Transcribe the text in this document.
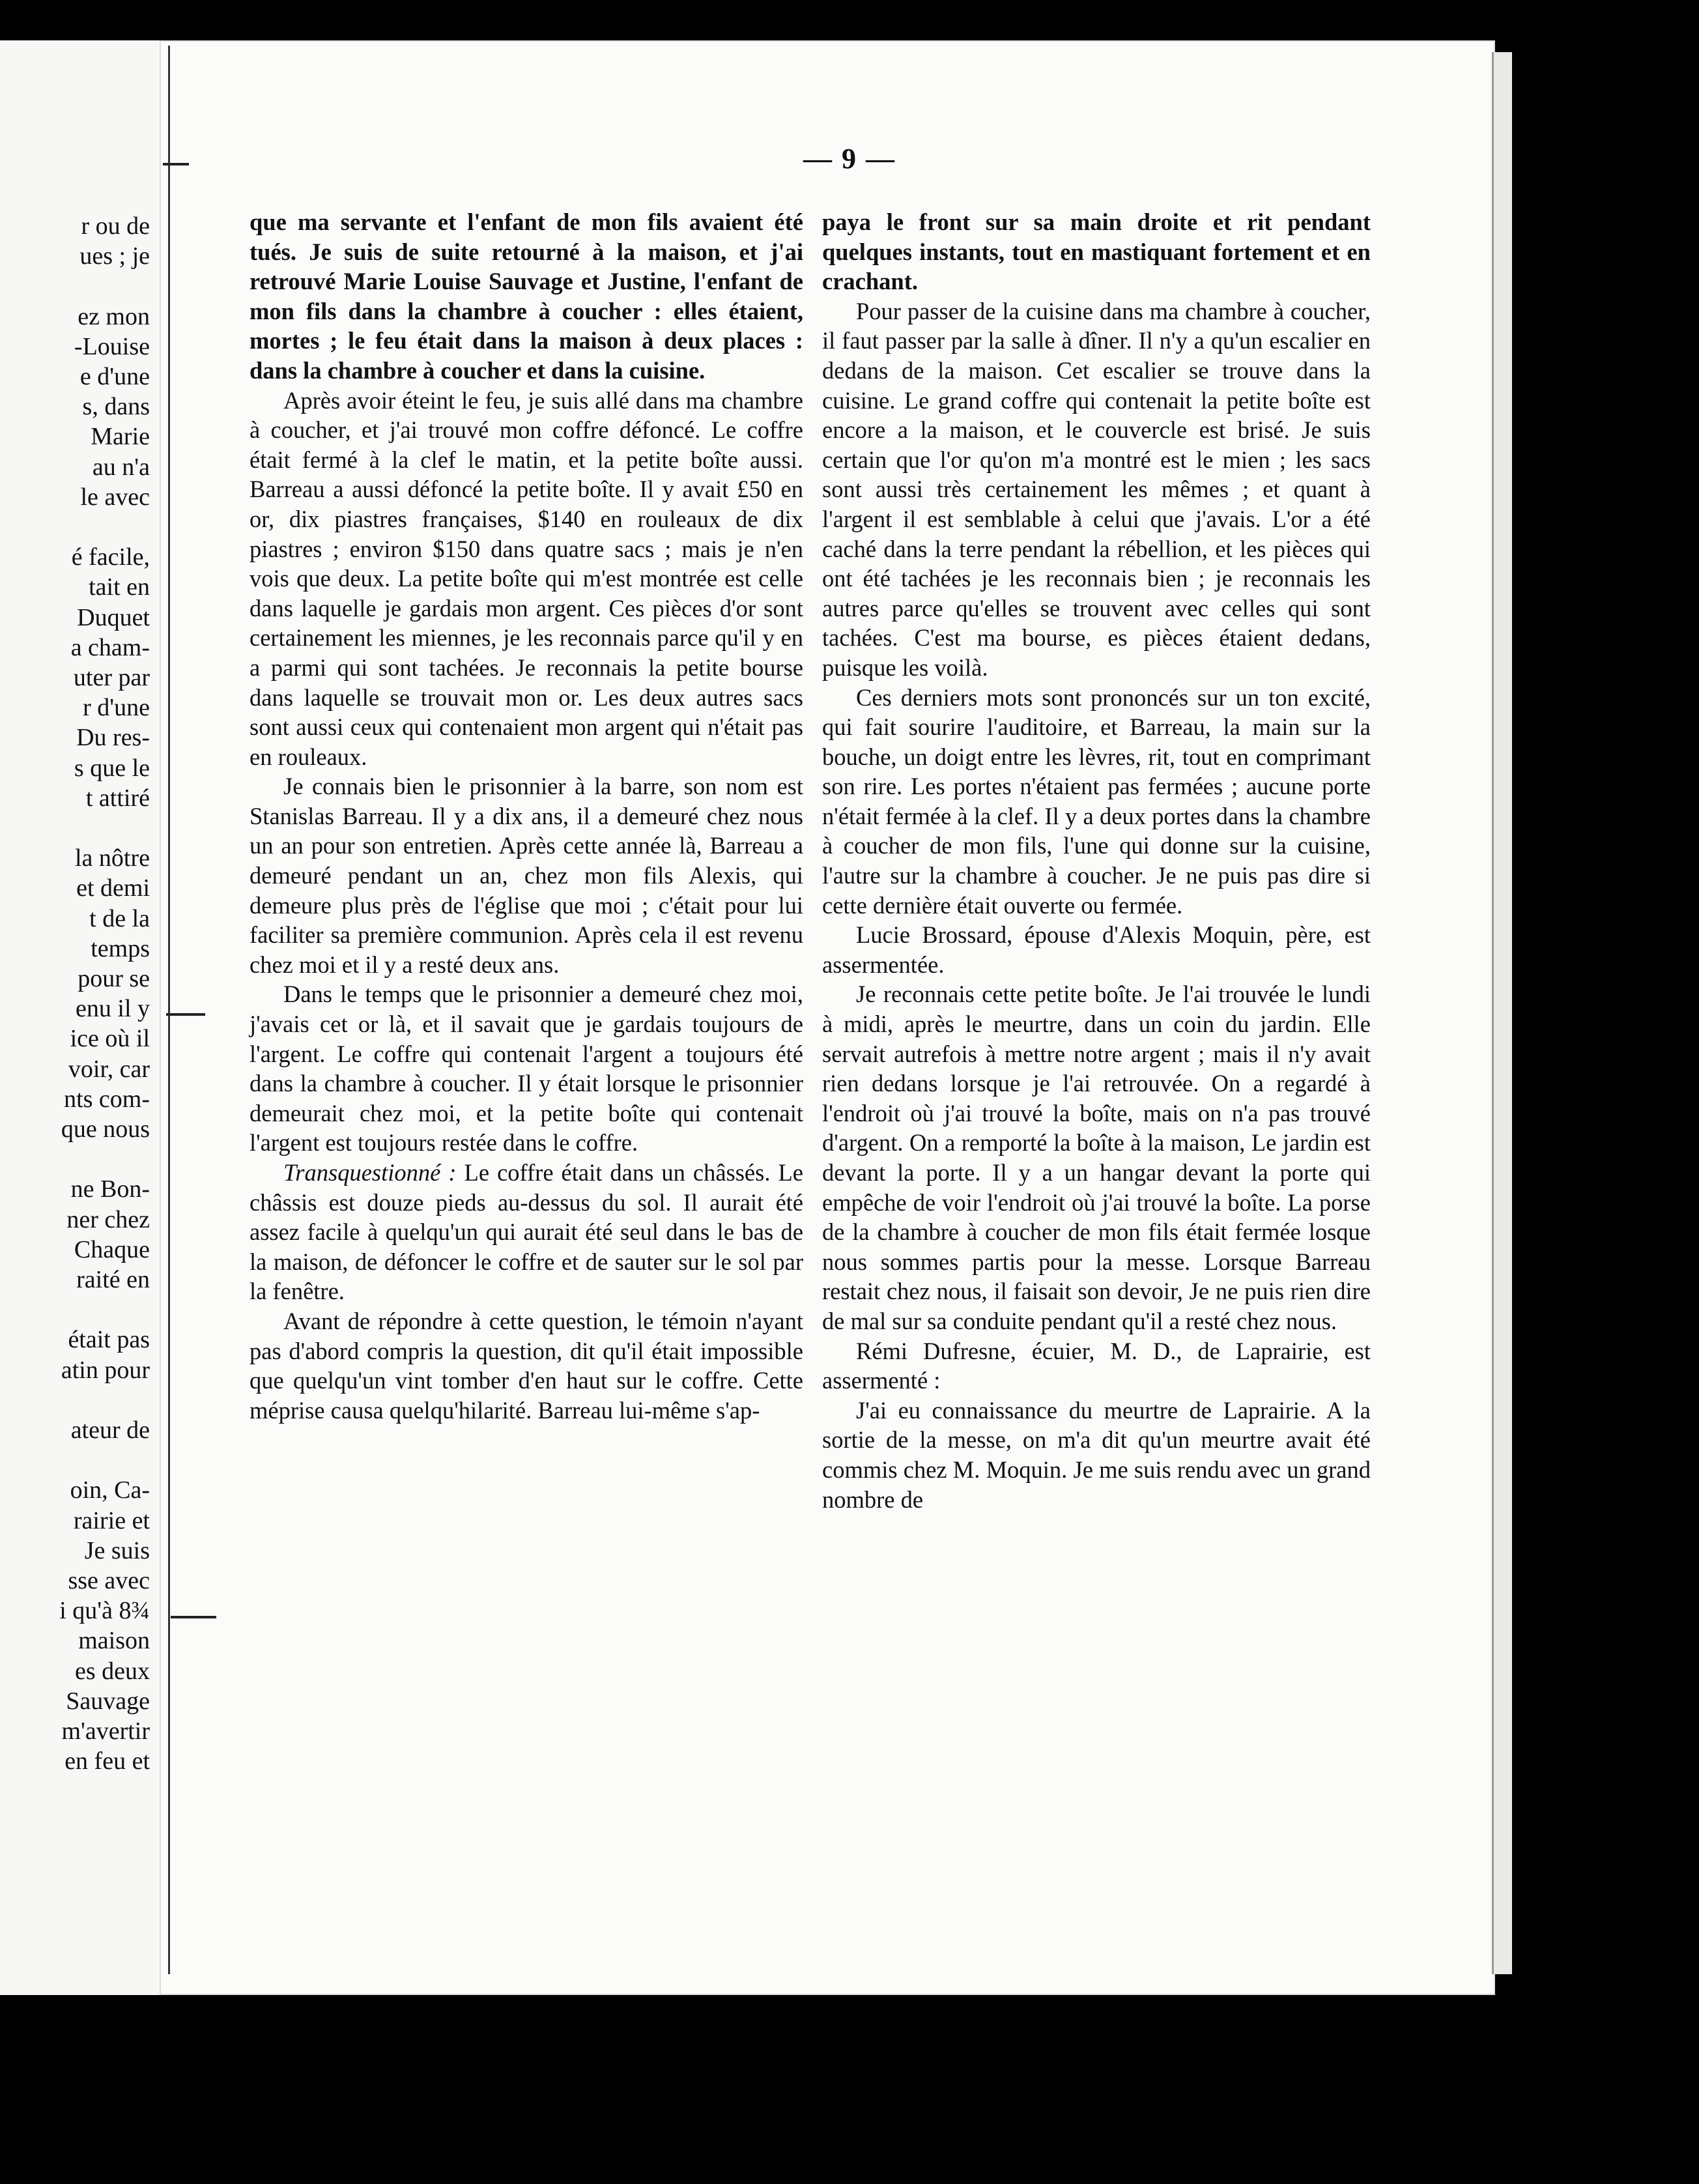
r ou de
ues ; je
ez mon
-Louise
e d'une
s, dans
Marie
au n'a
le avec
é facile,
tait en
Duquet
a cham-
uter par
r d'une
Du res-
s que le
t attiré
la nôtre
et demi
t de la
temps
pour se
enu il y
ice où il
voir, car
nts com-
que nous
ne Bon-
ner chez
Chaque
raité en
était pas
atin pour
ateur de
oin, Ca-
rairie et
Je suis
sse avec
i qu'à 8¾
maison
es deux
Sauvage
m'avertir
en feu et
— 9 —

que ma servante et l'enfant de mon fils avaient été tués. Je suis de suite retourné à la maison, et j'ai retrouvé Marie Louise Sauvage et Justine, l'enfant de mon fils dans la chambre à coucher : elles étaient, mortes ; le feu était dans la maison à deux places : dans la chambre à coucher et dans la cuisine.

Après avoir éteint le feu, je suis allé dans ma chambre à coucher, et j'ai trouvé mon coffre défoncé. Le coffre était fermé à la clef le matin, et la petite boîte aussi. Barreau a aussi défoncé la petite boîte. Il y avait £50 en or, dix piastres françaises, $140 en rouleaux de dix piastres ; environ $150 dans quatre sacs ; mais je n'en vois que deux. La petite boîte qui m'est montrée est celle dans laquelle je gardais mon argent. Ces pièces d'or sont certainement les miennes, je les reconnais parce qu'il y en a parmi qui sont tachées. Je reconnais la petite bourse dans laquelle se trouvait mon or. Les deux autres sacs sont aussi ceux qui contenaient mon argent qui n'était pas en rouleaux.

Je connais bien le prisonnier à la barre, son nom est Stanislas Barreau. Il y a dix ans, il a demeuré chez nous un an pour son entretien. Après cette année là, Barreau a demeuré pendant un an, chez mon fils Alexis, qui demeure plus près de l'église que moi ; c'était pour lui faciliter sa première communion. Après cela il est revenu chez moi et il y a resté deux ans.

Dans le temps que le prisonnier a demeuré chez moi, j'avais cet or là, et il savait que je gardais toujours de l'argent. Le coffre qui contenait l'argent a toujours été dans la chambre à coucher. Il y était lorsque le prisonnier demeurait chez moi, et la petite boîte qui contenait l'argent est toujours restée dans le coffre.

Transquestionné : Le coffre était dans un châssés. Le châssis est douze pieds au-dessus du sol. Il aurait été assez facile à quelqu'un qui aurait été seul dans le bas de la maison, de défoncer le coffre et de sauter sur le sol par la fenêtre.

Avant de répondre à cette question, le témoin n'ayant pas d'abord compris la question, dit qu'il était impossible que quelqu'un vint tomber d'en haut sur le coffre. Cette méprise causa quelqu'hilarité. Barreau lui-même s'ap-

paya le front sur sa main droite et rit pendant quelques instants, tout en mastiquant fortement et en crachant.

Pour passer de la cuisine dans ma chambre à coucher, il faut passer par la salle à dîner. Il n'y a qu'un escalier en dedans de la maison. Cet escalier se trouve dans la cuisine. Le grand coffre qui contenait la petite boîte est encore a la maison, et le couvercle est brisé. Je suis certain que l'or qu'on m'a montré est le mien ; les sacs sont aussi très certainement les mêmes ; et quant à l'argent il est semblable à celui que j'avais. L'or a été caché dans la terre pendant la rébellion, et les pièces qui ont été tachées je les reconnais bien ; je reconnais les autres parce qu'elles se trouvent avec celles qui sont tachées. C'est ma bourse, es pièces étaient dedans, puisque les voilà.

Ces derniers mots sont prononcés sur un ton excité, qui fait sourire l'auditoire, et Barreau, la main sur la bouche, un doigt entre les lèvres, rit, tout en comprimant son rire. Les portes n'étaient pas fermées ; aucune porte n'était fermée à la clef. Il y a deux portes dans la chambre à coucher de mon fils, l'une qui donne sur la cuisine, l'autre sur la chambre à coucher. Je ne puis pas dire si cette dernière était ouverte ou fermée.

Lucie Brossard, épouse d'Alexis Moquin, père, est assermentée.

Je reconnais cette petite boîte. Je l'ai trouvée le lundi à midi, après le meurtre, dans un coin du jardin. Elle servait autrefois à mettre notre argent ; mais il n'y avait rien dedans lorsque je l'ai retrouvée. On a regardé à l'endroit où j'ai trouvé la boîte, mais on n'a pas trouvé d'argent. On a remporté la boîte à la maison, Le jardin est devant la porte. Il y a un hangar devant la porte qui empêche de voir l'endroit où j'ai trouvé la boîte. La porse de la chambre à coucher de mon fils était fermée losque nous sommes partis pour la messe. Lorsque Barreau restait chez nous, il faisait son devoir, Je ne puis rien dire de mal sur sa conduite pendant qu'il a resté chez nous.

Rémi Dufresne, écuier, M. D., de Laprairie, est assermenté :

J'ai eu connaissance du meurtre de Laprairie. A la sortie de la messe, on m'a dit qu'un meurtre avait été commis chez M. Moquin. Je me suis rendu avec un grand nombre de
